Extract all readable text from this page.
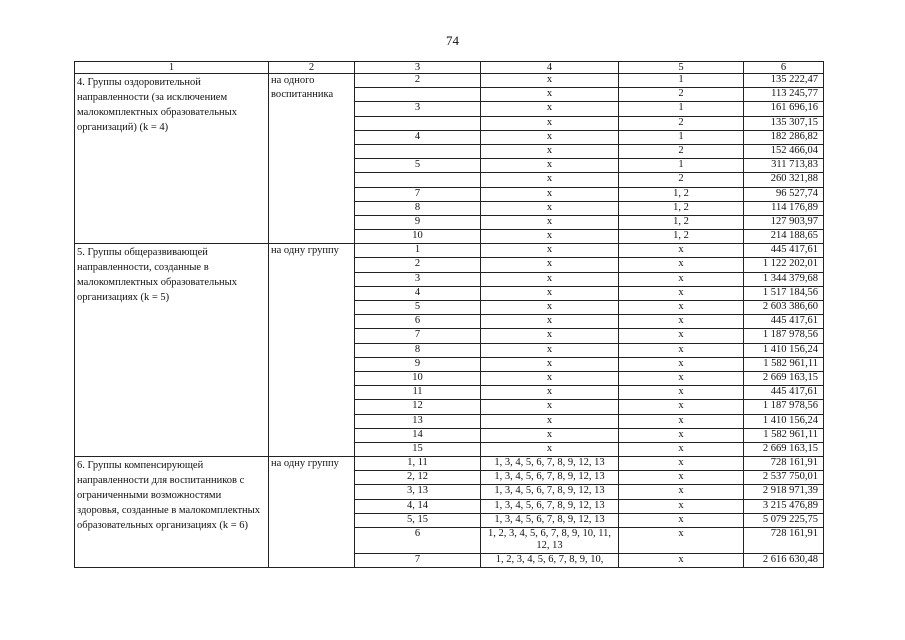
74
1	2	3	4	5	6
4. Группы оздоровительной направленности (за исключением малокомплектных образовательных организаций) (k = 4)	на одного воспитанника	2	х	1	135 222,47
			х	2	113 245,77
		3	х	1	161 696,16
			х	2	135 307,15
		4	х	1	182 286,82
			х	2	152 466,04
		5	х	1	311 713,83
			х	2	260 321,88
		7	х	1, 2	96 527,74
		8	х	1, 2	114 176,89
		9	х	1, 2	127 903,97
		10	х	1, 2	214 188,65
5. Группы общеразвивающей направленности, созданные в малокомплектных образовательных организациях (k = 5)	на одну группу	1	х	х	445 417,61
		2	х	х	1 122 202,01
		3	х	х	1 344 379,68
		4	х	х	1 517 184,56
		5	х	х	2 603 386,60
		6	х	х	445 417,61
		7	х	х	1 187 978,56
		8	х	х	1 410 156,24
		9	х	х	1 582 961,11
		10	х	х	2 669 163,15
		11	х	х	445 417,61
		12	х	х	1 187 978,56
		13	х	х	1 410 156,24
		14	х	х	1 582 961,11
		15	х	х	2 669 163,15
6. Группы компенсирующей направленности для воспитанников с ограниченными возможностями здоровья, созданные в малокомплектных образовательных организациях (k = 6)	на одну группу	1, 11	1, 3, 4, 5, 6, 7, 8, 9, 12, 13	х	728 161,91
		2, 12	1, 3, 4, 5, 6, 7, 8, 9, 12, 13	х	2 537 750,01
		3, 13	1, 3, 4, 5, 6, 7, 8, 9, 12, 13	х	2 918 971,39
		4, 14	1, 3, 4, 5, 6, 7, 8, 9, 12, 13	х	3 215 476,89
		5, 15	1, 3, 4, 5, 6, 7, 8, 9, 12, 13	х	5 079 225,75
		6	1, 2, 3, 4, 5, 6, 7, 8, 9, 10, 11, 12, 13	х	728 161,91
		7	1, 2, 3, 4, 5, 6, 7, 8, 9, 10,	х	2 616 630,48
